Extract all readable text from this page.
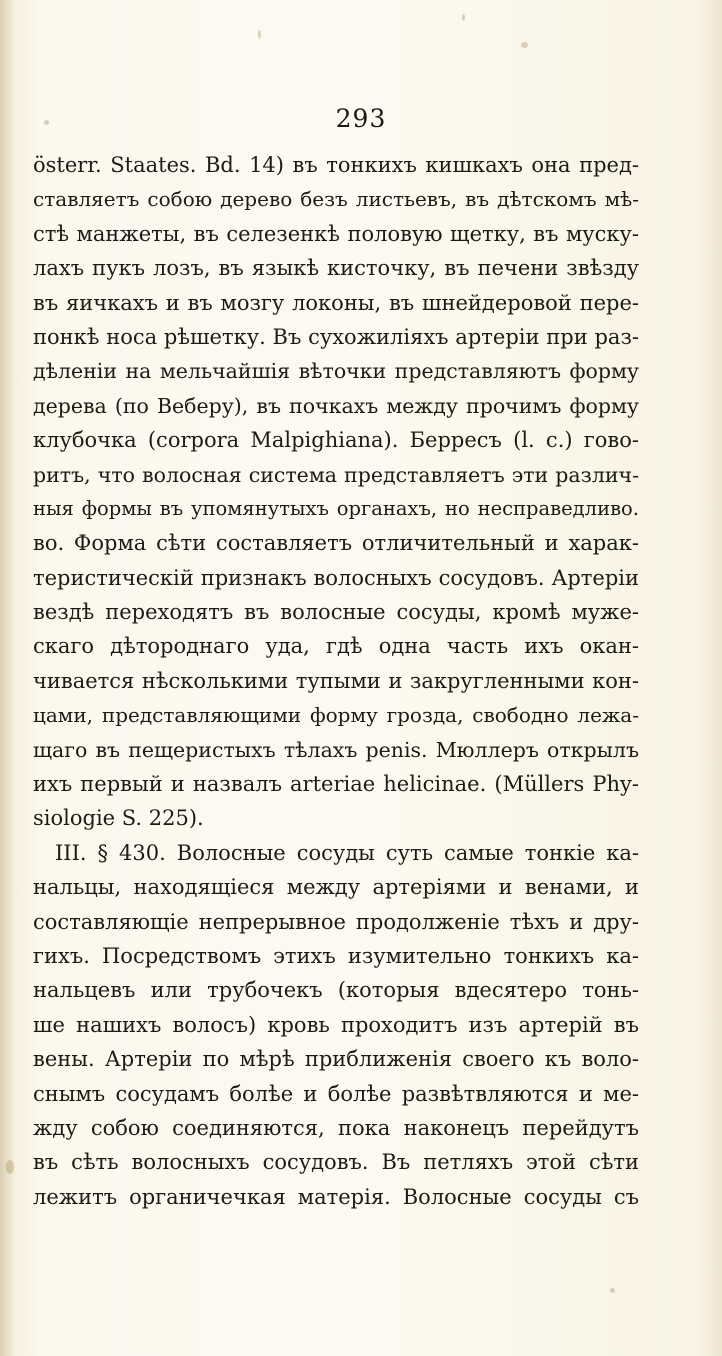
293
österr. Staates. Bd. 14) въ тонкихъ кишкахъ она пред-
ставляетъ собою дерево безъ листьевъ, въ дѣтскомъ мѣ-
стѣ манжеты, въ селезенкѣ половую щетку, въ муску-
лахъ пукъ лозъ, въ языкѣ кисточку, въ печени звѣзду
въ яичкахъ и въ мозгу локоны, въ шнейдеровой пере-
понкѣ носа рѣшетку. Въ сухожиліяхъ артеріи при раз-
дѣленіи на мельчайшія вѣточки представляютъ форму
дерева (по Веберу), въ почкахъ между прочимъ форму
клубочка (corpora Malpighiana). Берресъ (l. c.) гово-
ритъ, что волосная система представляетъ эти различ-
ныя формы въ упомянутыхъ органахъ, но несправедливо.
во. Форма сѣти составляетъ отличительный и харак-
теристическій признакъ волосныхъ сосудовъ. Артеріи
вездѣ переходятъ въ волосные сосуды, кромѣ муже-
скаго дѣтороднаго уда, гдѣ одна часть ихъ окан-
чивается нѣсколькими тупыми и закругленными кон-
цами, представляющими форму грозда, свободно лежа-
щаго въ пещеристыхъ тѣлахъ penis. Мюллеръ открылъ
ихъ первый и назвалъ arteriae helicinae. (Müllers Phy-
siologie S. 225).
III. § 430. Волосные сосуды суть самые тонкіе ка-
нальцы, находящіеся между артеріями и венами, и
составляющіе непрерывное продолженіе тѣхъ и дру-
гихъ. Посредствомъ этихъ изумительно тонкихъ ка-
нальцевъ или трубочекъ (которыя вдесятеро тонь-
ше нашихъ волосъ) кровь проходитъ изъ артерій въ
вены. Артеріи по мѣрѣ приближенія своего къ воло-
снымъ сосудамъ болѣе и болѣе развѣтвляются и ме-
жду собою соединяются, пока наконецъ перейдутъ
въ сѣть волосныхъ сосудовъ. Въ петляхъ этой сѣти
лежитъ органичечкая матерія. Волосные сосуды съ
